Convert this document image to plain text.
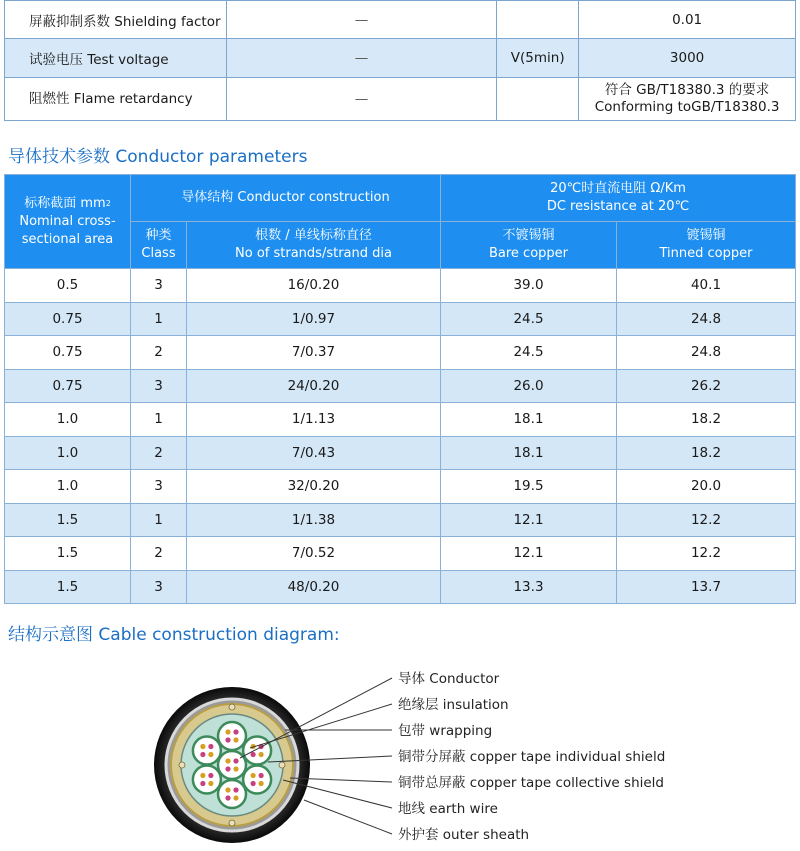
屏蔽抑制系数 Shielding factor	—		0.01
试验电压 Test voltage	—	V(5min)	3000
阻燃性 Flame retardancy	—		符合 GB/T18380.3 的要求
Conforming toGB/T18380.3
导体技术参数 Conductor parameters
标称截面 $mm^2$
Nominal cross-
sectional area	导体结构 Conductor construction		20℃时直流电阻 Ω/Km
DC resistance at 20℃	
	种类
Class	根数 / 单线标称直径
No of strands/strand dia	不镀锡铜
Bare copper	镀锡铜
Tinned copper
0.5	3	16/0.20	39.0	40.1
0.75	1	1/0.97	24.5	24.8
0.75	2	7/0.37	24.5	24.8
0.75	3	24/0.20	26.0	26.2
1.0	1	1/1.13	18.1	18.2
1.0	2	7/0.43	18.1	18.2
1.0	3	32/0.20	19.5	20.0
1.5	1	1/1.38	12.1	12.2
1.5	2	7/0.52	12.1	12.2
1.5	3	48/0.20	13.3	13.7
结构示意图 Cable construction diagram:
导体 Conductor
绝缘层 insulation
包带 wrapping
铜带分屏蔽 copper tape individual shield
铜带总屏蔽 copper tape collective shield
地线 earth wire
外护套 outer sheath
